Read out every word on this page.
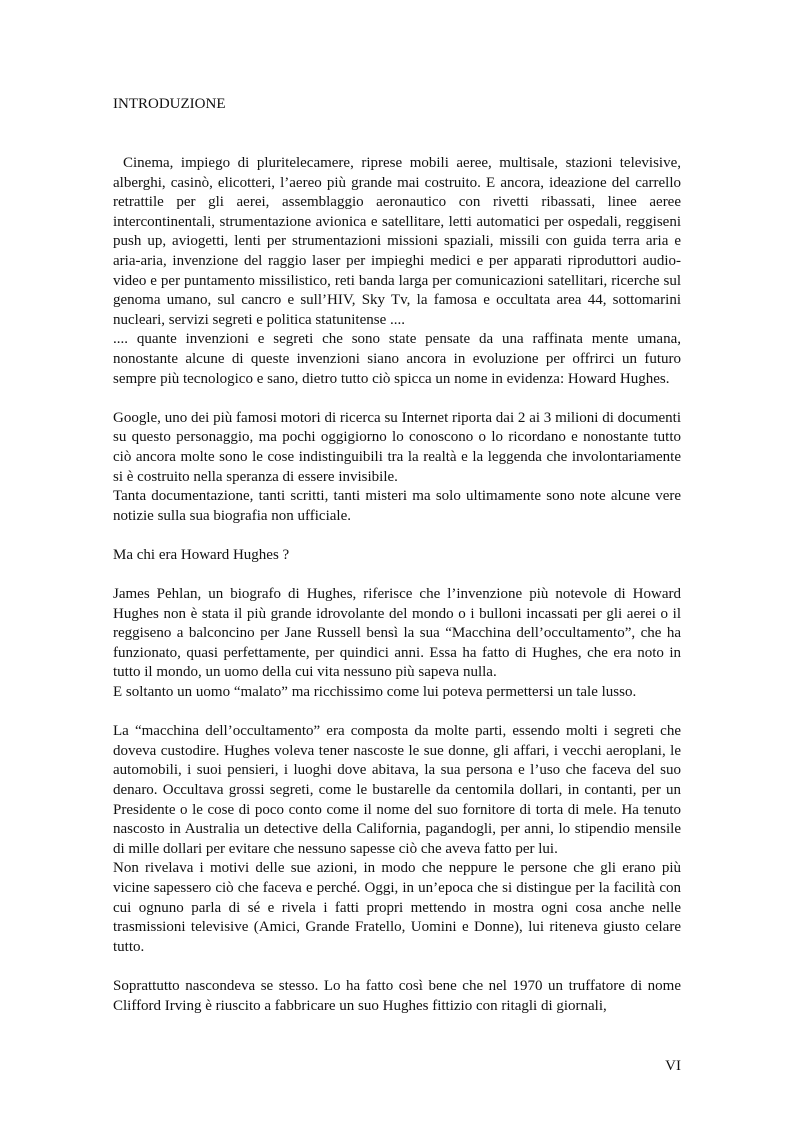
INTRODUZIONE

Cinema, impiego di pluritelecamere, riprese mobili aeree, multisale, stazioni televisive, alberghi, casinò, elicotteri, l’aereo più grande mai costruito. E ancora, ideazione del carrello retrattile per gli aerei, assemblaggio aeronautico con rivetti ribassati, linee aeree intercontinentali, strumentazione avionica e satellitare, letti automatici per ospedali, reggiseni push up, aviogetti, lenti per strumentazioni missioni spaziali, missili con guida terra aria e aria-aria, invenzione del raggio laser per impieghi medici e per apparati riproduttori audio-video e per puntamento missilistico, reti banda larga per comunicazioni satellitari, ricerche sul genoma umano, sul cancro e sull’HIV, Sky Tv, la famosa e occultata area 44, sottomarini nucleari, servizi segreti e politica statunitense ....

.... quante invenzioni e segreti che sono state pensate da una raffinata mente umana, nonostante alcune di queste invenzioni siano ancora in evoluzione per offrirci un futuro sempre più tecnologico e sano, dietro tutto ciò spicca un nome in evidenza: Howard Hughes.

Google, uno dei più famosi motori di ricerca su Internet riporta dai 2 ai 3 milioni di documenti su questo personaggio, ma pochi oggigiorno lo conoscono o lo ricordano e nonostante tutto ciò ancora molte sono le cose indistinguibili tra la realtà e la leggenda che involontariamente si è costruito nella speranza di essere invisibile.

Tanta documentazione, tanti scritti, tanti misteri ma solo ultimamente sono note alcune vere notizie sulla sua biografia non ufficiale.

Ma chi era Howard Hughes ?

James Pehlan, un biografo di Hughes, riferisce che l’invenzione più notevole di Howard Hughes non è stata il più grande idrovolante del mondo o i bulloni incassati per gli aerei o il reggiseno a balconcino per Jane Russell bensì la sua “Macchina dell’occultamento”, che ha funzionato, quasi perfettamente, per quindici anni. Essa ha fatto di Hughes, che era noto in tutto il mondo, un uomo della cui vita nessuno più sapeva nulla.

E soltanto un uomo “malato” ma ricchissimo come lui poteva permettersi un tale lusso.

La “macchina dell’occultamento” era composta da molte parti, essendo molti i segreti che doveva custodire. Hughes voleva tener nascoste le sue donne, gli affari, i vecchi aeroplani, le automobili, i suoi pensieri, i luoghi dove abitava, la sua persona e l’uso che faceva del suo denaro. Occultava grossi segreti, come le bustarelle da centomila dollari, in contanti, per un Presidente o le cose di poco conto come il nome del suo fornitore di torta di mele. Ha tenuto nascosto in Australia un detective della California, pagandogli, per anni, lo stipendio mensile di mille dollari per evitare che nessuno sapesse ciò che aveva fatto per lui.

Non rivelava i motivi delle sue azioni, in modo che neppure le persone che gli erano più vicine sapessero ciò che faceva e perché. Oggi, in un’epoca che si distingue per la facilità con cui ognuno parla di sé e rivela i fatti propri mettendo in mostra ogni cosa anche nelle trasmissioni televisive (Amici, Grande Fratello, Uomini e Donne), lui riteneva giusto celare tutto.

Soprattutto nascondeva se stesso. Lo ha fatto così bene che nel 1970 un truffatore di nome Clifford Irving è riuscito a fabbricare un suo Hughes fittizio con ritagli di giornali,

VI
